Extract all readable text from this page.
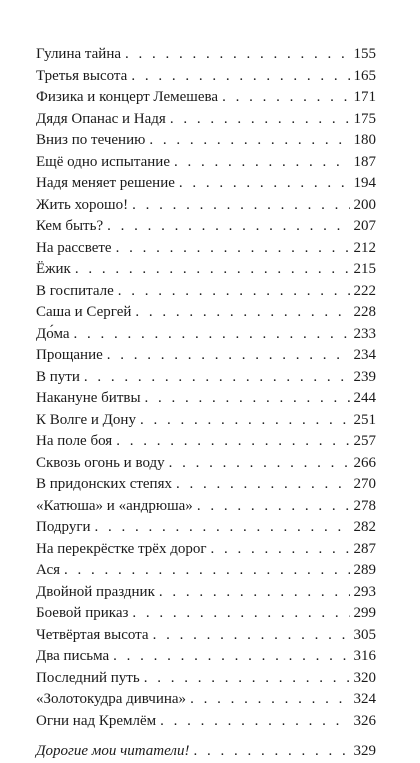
Гулина тайна . . .	155
Третья высота . . .	165
Физика и концерт Лемешева . . .	171
Дядя Опанас и Надя . . .	175
Вниз по течению . . .	180
Ещё одно испытание . . .	187
Надя меняет решение . . .	194
Жить хорошо! . . .	200
Кем быть? . . .	207
На рассвете . . .	212
Ёжик . . .	215
В госпитале . . .	222
Саша и Сергей . . .	228
До́ма . . .	233
Прощание . . .	234
В пути . . .	239
Накануне битвы . . .	244
К Волге и Дону . . .	251
На поле боя . . .	257
Сквозь огонь и воду . . .	266
В придонских степях . . .	270
«Катюша» и «андрюша» . . .	278
Подруги . . .	282
На перекрёстке трёх дорог . . .	287
Ася . . .	289
Двойной праздник . . .	293
Боевой приказ . . .	299
Четвёртая высота . . .	305
Два письма . . .	316
Последний путь . . .	320
«Золотокудра дивчина» . . .	324
Огни над Кремлём . . .	326
Дорогие мои читатели! . . .	329
